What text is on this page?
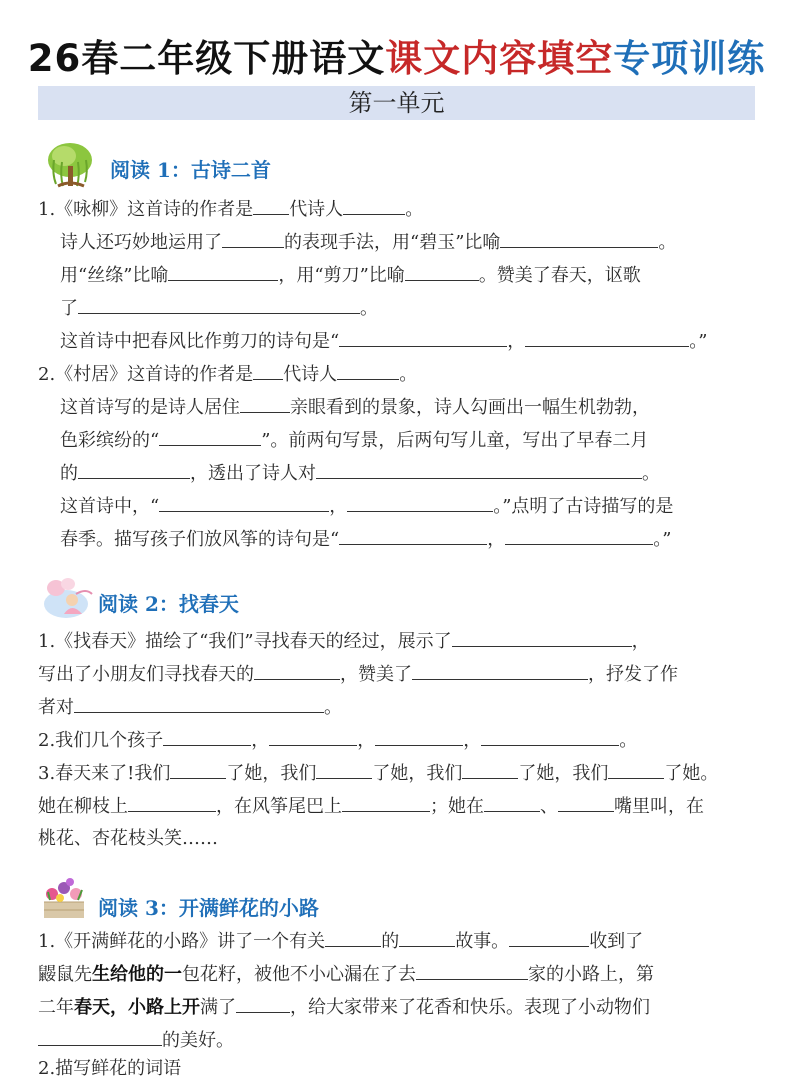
26春二年级下册语文课文内容填空专项训练
第一单元
阅读 1：古诗二首
1.《咏柳》这首诗的作者是 代诗人	。
诗人还巧妙地运用了	的表现手法，用“碧玉”比喻	。
用“丝绦”比喻	，用“剪刀”比喻	。赞美了春天，讴歌
了	。
这首诗中把春风比作剪刀的诗句是“	，	。”
2.《村居》这首诗的作者是 代诗人	。
这首诗写的是诗人居住	亲眼看到的景象，诗人勾画出一幅生机勃勃，
色彩缤纷的“	”。前两句写景，后两句写儿童，写出了早春二月
的	，透出了诗人对	。
这首诗中，“	，	。”点明了古诗描写的是
春季。描写孩子们放风筝的诗句是“	，	。”
阅读 2：找春天
1.《找春天》描绘了“我们”寻找春天的经过，展示了	，
写出了小朋友们寻找春天的	，赞美了	，抒发了作
者对	。
2.我们几个孩子	，	，	，	。
3.春天来了!我们	了她，我们	了她，我们	了她，我们	了她。
她在柳枝上	，在风筝尾巴上	；她在	、	嘴里叫，在
桃花、杏花枝头笑……
阅读 3：开满鲜花的小路
1.《开满鲜花的小路》讲了一个有关	的	故事。	收到了
鼹鼠先生给他的一包花籽，被他不小心漏在了去	家的小路上，第
二年春天，小路上开满了	，给大家带来了花香和快乐。表现了小动物们
的美好。
2.描写鲜花的词语
